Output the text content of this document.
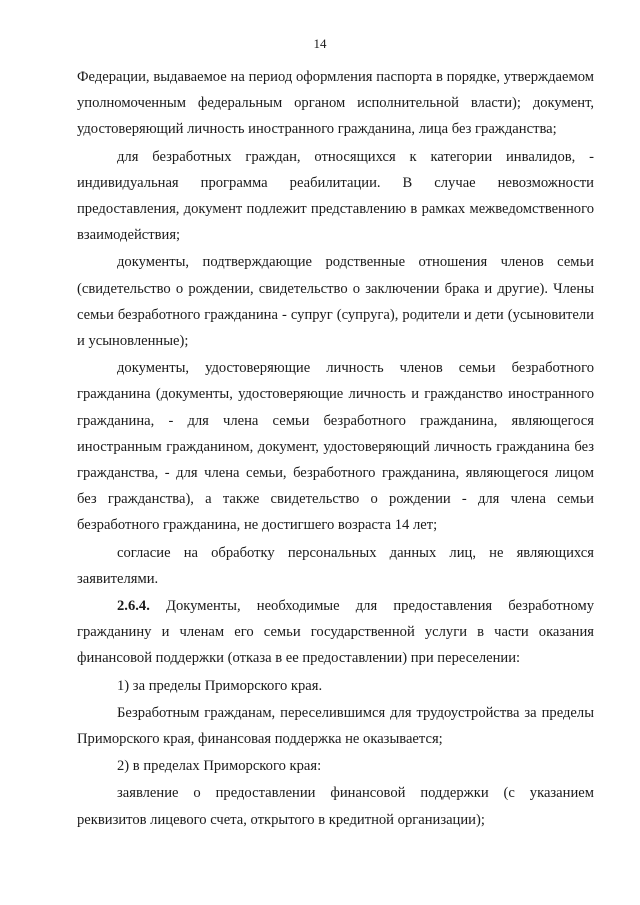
14

Федерации, выдаваемое на период оформления паспорта в порядке, утверждаемом уполномоченным федеральным органом исполнительной власти); документ, удостоверяющий личность иностранного гражданина, лица без гражданства;

для безработных граждан, относящихся к категории инвалидов, - индивидуальная программа реабилитации. В случае невозможности предоставления, документ подлежит представлению в рамках межведомственного взаимодействия;

документы, подтверждающие родственные отношения членов семьи (свидетельство о рождении, свидетельство о заключении брака и другие). Члены семьи безработного гражданина - супруг (супруга), родители и дети (усыновители и усыновленные);

документы, удостоверяющие личность членов семьи безработного гражданина (документы, удостоверяющие личность и гражданство иностранного гражданина, - для члена семьи безработного гражданина, являющегося иностранным гражданином, документ, удостоверяющий личность гражданина без гражданства, - для члена семьи, безработного гражданина, являющегося лицом без гражданства), а также свидетельство о рождении - для члена семьи безработного гражданина, не достигшего возраста 14 лет;

согласие на обработку персональных данных лиц, не являющихся заявителями.

2.6.4. Документы, необходимые для предоставления безработному гражданину и членам его семьи государственной услуги в части оказания финансовой поддержки (отказа в ее предоставлении) при переселении:

1) за пределы Приморского края.

Безработным гражданам, переселившимся для трудоустройства за пределы Приморского края, финансовая поддержка не оказывается;

2) в пределах Приморского края:

заявление о предоставлении финансовой поддержки (с указанием реквизитов лицевого счета, открытого в кредитной организации);
